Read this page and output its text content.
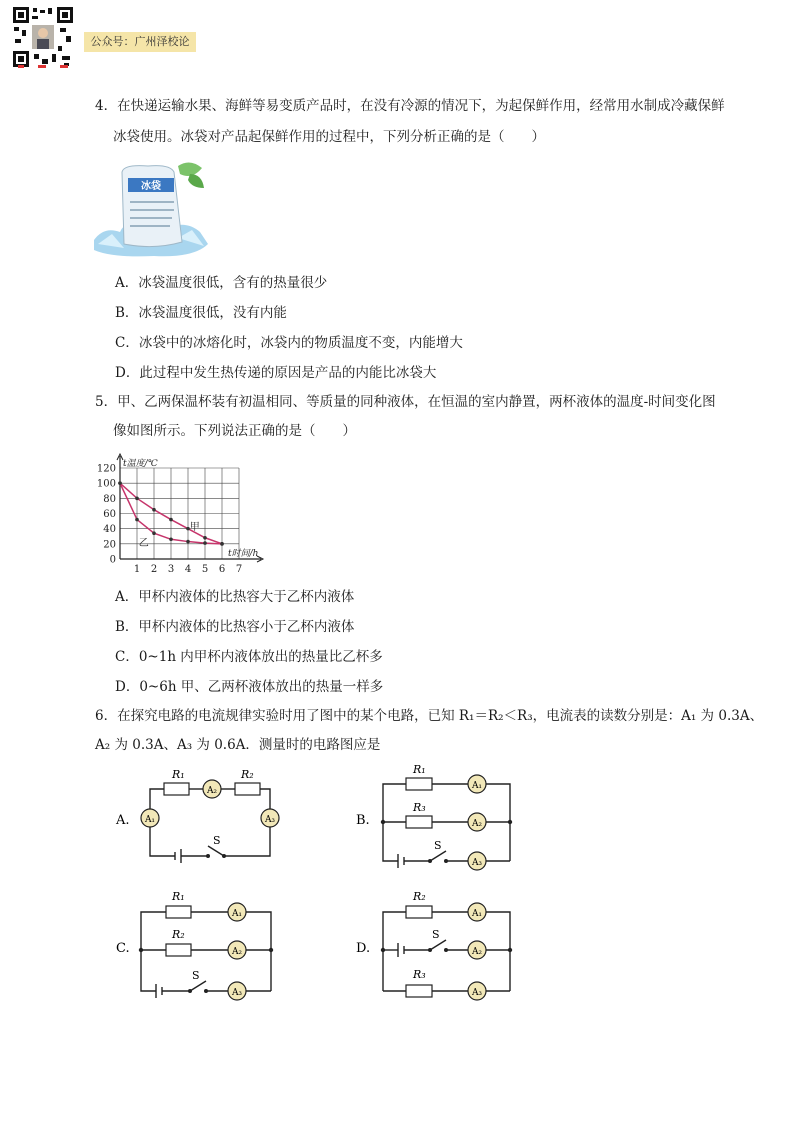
公众号：广州泽校论
4．在快递运输水果、海鲜等易变质产品时，在没有冷源的情况下，为起保鲜作用，经常用水制成冷藏保鲜
冰袋使用。冰袋对产品起保鲜作用的过程中，下列分析正确的是（　　）
冰袋
A．冰袋温度很低，含有的热量很少
B．冰袋温度很低，没有内能
C．冰袋中的冰熔化时，冰袋内的物质温度不变，内能增大
D．此过程中发生热传递的原因是产品的内能比冰袋大
5．甲、乙两保温杯装有初温相同、等质量的同种液体，在恒温的室内静置，两杯液体的温度-时间变化图
像如图所示。下列说法正确的是（　　）
0
20
40
60
80
100
120
1 2 3 4 5 6 7
t温度/℃
t时间/h
甲
乙
A．甲杯内液体的比热容大于乙杯内液体
B．甲杯内液体的比热容小于乙杯内液体
C．0~1h 内甲杯内液体放出的热量比乙杯多
D．0~6h 甲、乙两杯液体放出的热量一样多
6．在探究电路的电流规律实验时用了图中的某个电路，已知 R₁＝R₂＜R₃，电流表的读数分别是：A₁ 为 0.3A、
A₂ 为 0.3A、A₃ 为 0.6A．测量时的电路图应是
A.
R₁	R₂
A₂
A₁	A₃
S
B.
R₁
R₃
A₁
A₂
A₃
S
C.
R₁
R₂
A₁
A₂
A₃
S
D.
R₂
R₃
A₁
A₂
A₃
S
